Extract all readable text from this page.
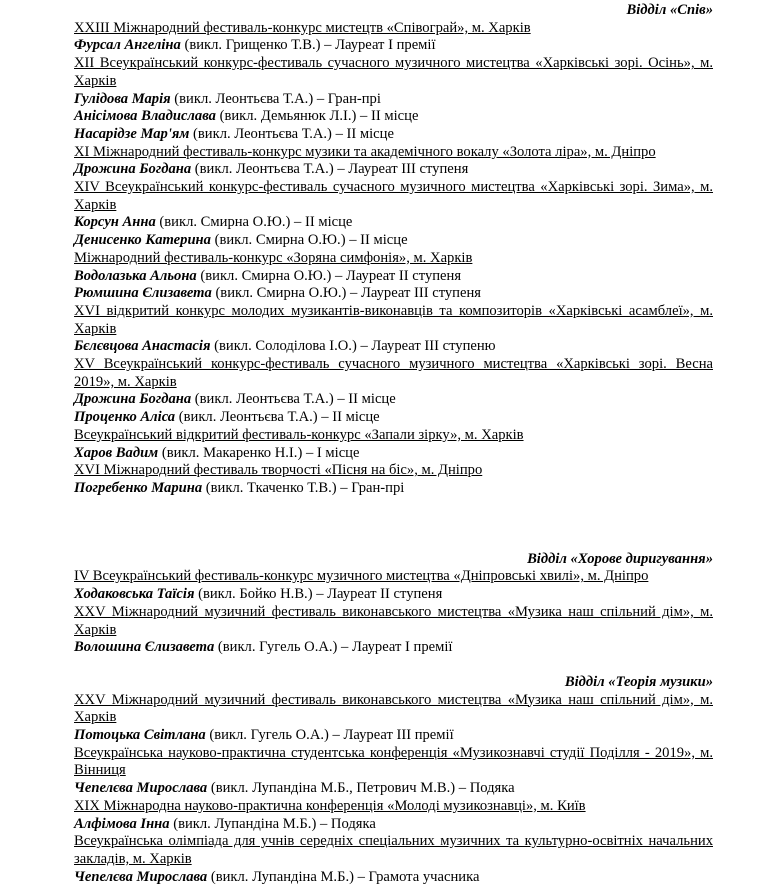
Відділ «Спів»
XXIII Міжнародний фестиваль-конкурс мистецтв «Співограй», м. Харків
Фурсал Ангеліна (викл. Грищенко Т.В.) – Лауреат І премії
ХІІ Всеукраїнський конкурс-фестиваль сучасного музичного мистецтва «Харківські зорі. Осінь», м. Харків
Гулідова Марія (викл. Леонтьєва Т.А.) – Гран-прі
Анісімова Владислава (викл. Демьянюк Л.І.) – ІІ місце
Насарідзе Мар'ям (викл. Леонтьєва Т.А.) – ІІ місце
ХІ Міжнародний фестиваль-конкурс музики та академічного вокалу «Золота ліра», м. Дніпро
Дрожина Богдана (викл. Леонтьєва Т.А.) – Лауреат ІІІ ступеня
ХІV Всеукраїнський конкурс-фестиваль сучасного музичного мистецтва «Харківські зорі. Зима», м. Харків
Корсун Анна (викл. Смирна О.Ю.) – ІІ місце
Денисенко Катерина (викл. Смирна О.Ю.) – ІІ місце
Міжнародний фестиваль-конкурс «Зоряна симфонія», м. Харків
Водолазька Альона (викл. Смирна О.Ю.) – Лауреат ІІ ступеня
Рюмшина Єлизавета (викл. Смирна О.Ю.) – Лауреат ІІІ ступеня
XVI відкритий конкурс молодих музикантів-виконавців та композиторів «Харківські асамблеї», м. Харків
Бєлєвцова Анастасія (викл. Солоділова І.О.) – Лауреат ІІІ ступеню
ХV Всеукраїнський конкурс-фестиваль сучасного музичного мистецтва «Харківські зорі. Весна 2019», м. Харків
Дрожина Богдана (викл. Леонтьєва Т.А.) – ІІ місце
Проценко Аліса (викл. Леонтьєва Т.А.) – ІІ місце
Всеукраїнський відкритий фестиваль-конкурс «Запали зірку», м. Харків
Харов Вадим (викл. Макаренко Н.І.) – І місце
XVI Міжнародний фестиваль творчості «Пісня на біс», м. Дніпро
Погребенко Марина (викл. Ткаченко Т.В.) – Гран-прі
Відділ «Хорове диригування»
ІV Всеукраїнський фестиваль-конкурс музичного мистецтва «Дніпровські хвилі», м. Дніпро
Ходаковська Таїсія (викл. Бойко Н.В.) – Лауреат ІІ ступеня
XXV Міжнародний музичний фестиваль виконавського мистецтва «Музика наш спільний дім», м. Харків
Волошина Єлизавета (викл. Гугель О.А.) – Лауреат І премії
Відділ «Теорія музики»
XXV Міжнародний музичний фестиваль виконавського мистецтва «Музика наш спільний дім», м. Харків
Потоцька Світлана (викл. Гугель О.А.) – Лауреат ІІІ премії
Всеукраїнська науково-практична студентська конференція «Музикознавчі студії Поділля - 2019», м. Вінниця
Чепелєва Мирослава (викл. Лупандіна М.Б., Петрович М.В.) – Подяка
ХІХ Міжнародна науково-практична конференція «Молоді музикознавці», м. Київ
Алфімова Інна (викл. Лупандіна М.Б.) – Подяка
Всеукраїнська олімпіада для учнів середніх спеціальних музичних та культурно-освітніх начальних закладів, м. Харків
Чепелєва Мирослава (викл. Лупандіна М.Б.) – Грамота учасника
